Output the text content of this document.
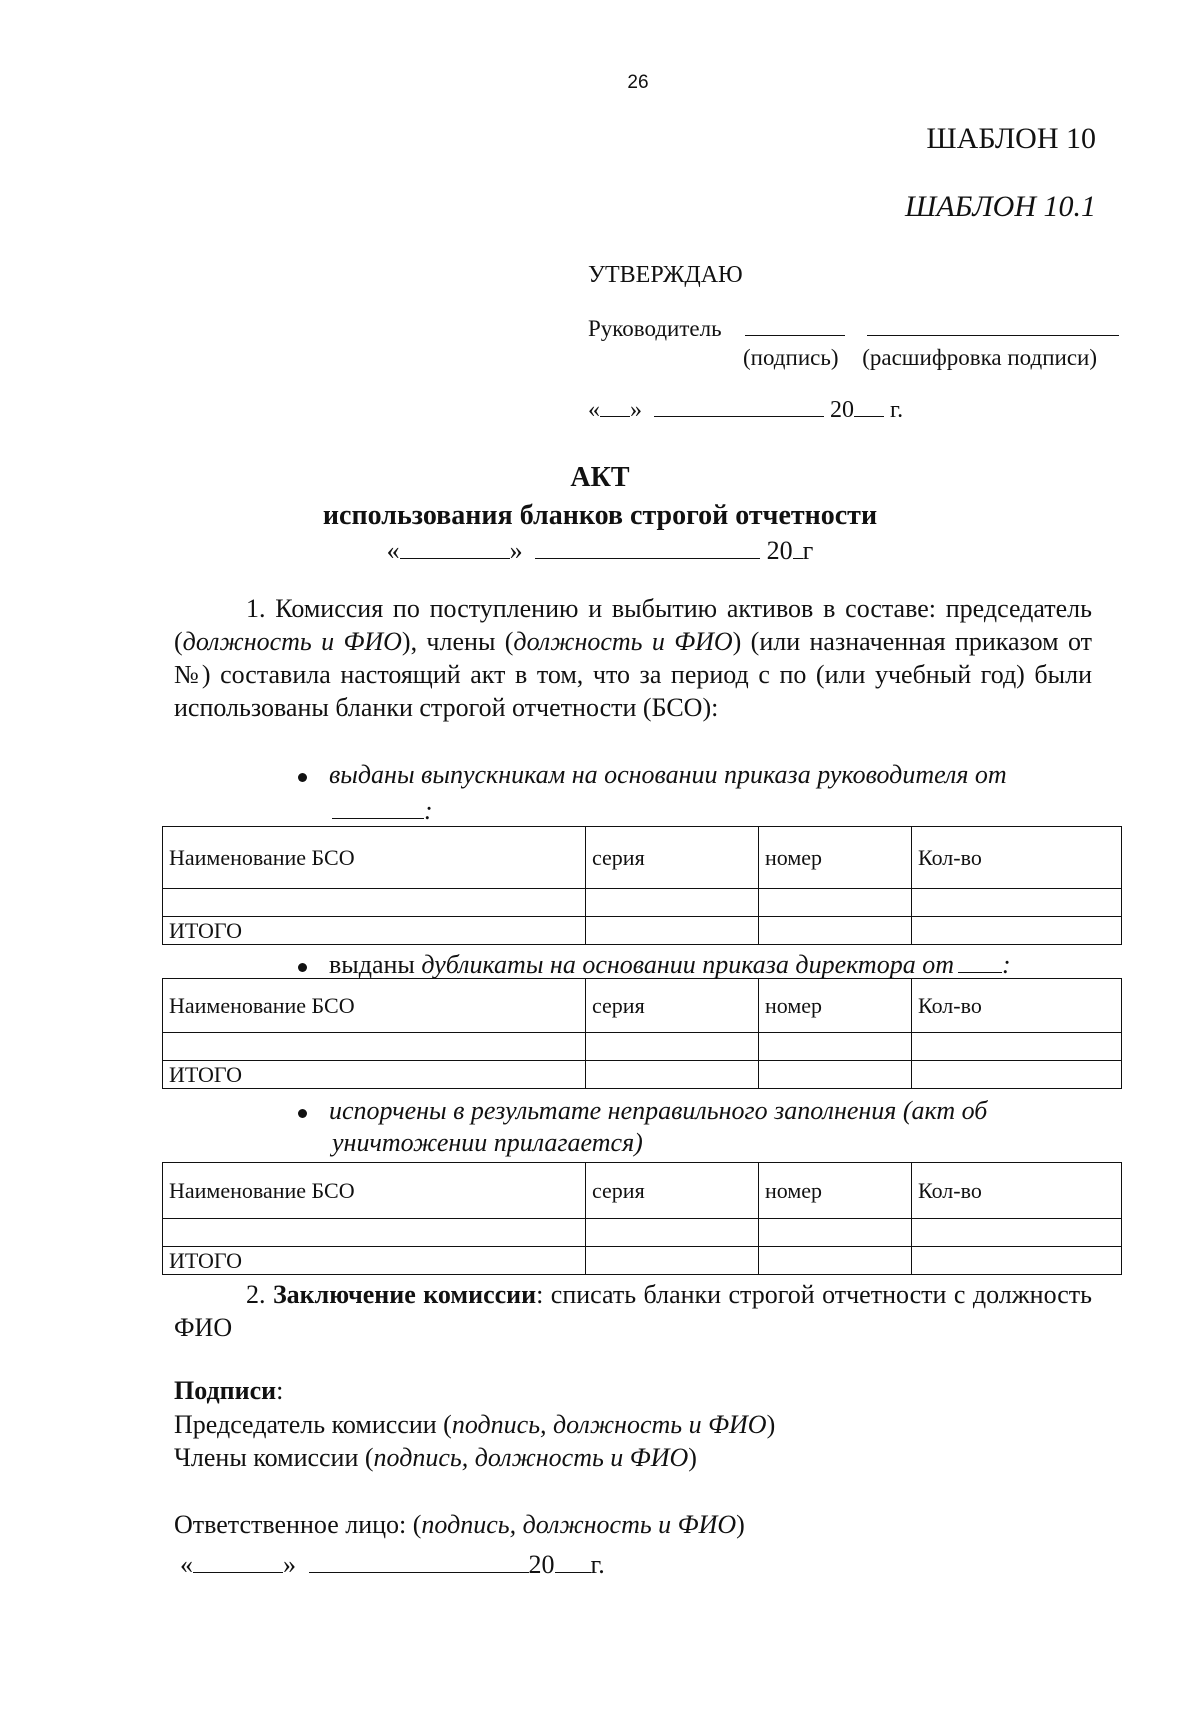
26
ШАБЛОН 10
ШАБЛОН 10.1
УТВЕРЖДАЮ
Руководитель
(подпись) (расшифровка подписи)
« »	20 г.
АКТ
использования бланков строгой отчетности
«	»	20 г
1. Комиссия по поступлению и выбытию активов в составе: председатель (должность и ФИО), члены (должность и ФИО) (или назначенная приказом от №) составила настоящий акт в том, что за период с по (или учебный год) были использованы бланки строгой отчетности (БСО):
выданы выпускникам на основании приказа руководителя от
:
Наименование БСО	серия	номер	Кол-во

ИТОГО			
выданы дубликаты на основании приказа директора от :
Наименование БСО	серия	номер	Кол-во

ИТОГО			
испорчены в результате неправильного заполнения (акт об
уничтожении прилагается)
Наименование БСО	серия	номер	Кол-во

ИТОГО			
2. Заключение комиссии: списать бланки строгой отчетности с должность ФИО
Подписи:
Председатель комиссии (подпись, должность и ФИО)
Члены комиссии (подпись, должность и ФИО)
Ответственное лицо: (подпись, должность и ФИО)
«	»	20 г.
